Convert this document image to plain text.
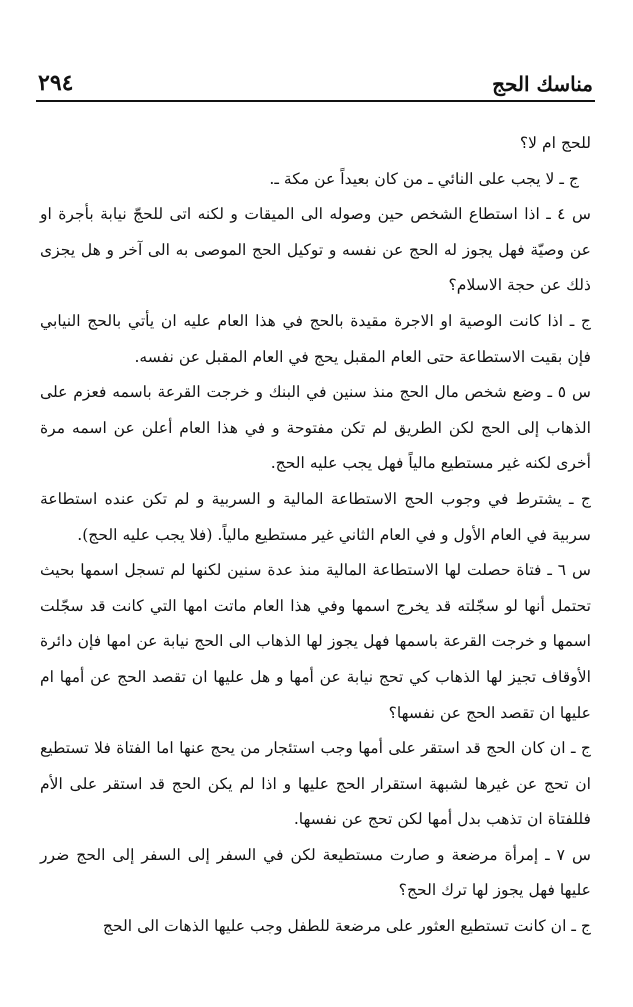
٢٩٤	مناسك الحج

للحج ام لا؟

ج ـ لا يجب على النائي ـ من كان بعيداً عن مكة ـ.

س ٤ ـ اذا استطاع الشخص حين وصوله الى الميقات و لكنه اتى للحجّ نيابة بأجرة او عن وصيّة فهل يجوز له الحج عن نفسه و توكيل الحج الموصى به الى آخر و هل يجزى ذلك عن حجة الاسلام؟

ج ـ اذا كانت الوصية او الاجرة مقيدة بالحج في هذا العام عليه ان يأتي بالحج النيابي فإن بقيت الاستطاعة حتى العام المقبل يحج في العام المقبل عن نفسه.

س ٥ ـ وضع شخص مال الحج منذ سنين في البنك و خرجت القرعة باسمه فعزم على الذهاب إلى الحج لكن الطريق لم تكن مفتوحة و في هذا العام أعلن عن اسمه مرة أخرى لكنه غير مستطيع مالياً فهل يجب عليه الحج.

ج ـ يشترط في وجوب الحج الاستطاعة المالية و السربية و لم تكن عنده استطاعة سربية في العام الأول و في العام الثاني غير مستطيع مالياً. (فلا يجب عليه الحج).

س ٦ ـ فتاة حصلت لها الاستطاعة المالية منذ عدة سنين لكنها لم تسجل اسمها بحيث تحتمل أنها لو سجّلته قد يخرج اسمها وفي هذا العام ماتت امها التي كانت قد سجّلت اسمها و خرجت القرعة باسمها فهل يجوز لها الذهاب الى الحج نيابة عن امها فإن دائرة الأوقاف تجيز لها الذهاب كي تحج نيابة عن أمها و هل عليها ان تقصد الحج عن أمها ام عليها ان تقصد الحج عن نفسها؟

ج ـ ان كان الحج قد استقر على أمها وجب استئجار من يحج عنها اما الفتاة فلا تستطيع ان تحج عن غيرها لشبهة استقرار الحج عليها و اذا لم يكن الحج قد استقر على الأم فللفتاة ان تذهب بدل أمها لكن تحج عن نفسها.

س ٧ ـ إمرأة مرضعة و صارت مستطيعة لكن في السفر إلى السفر إلى الحج ضرر عليها فهل يجوز لها ترك الحج؟

ج ـ ان كانت تستطيع العثور على مرضعة للطفل وجب عليها الذهات الى الحج
